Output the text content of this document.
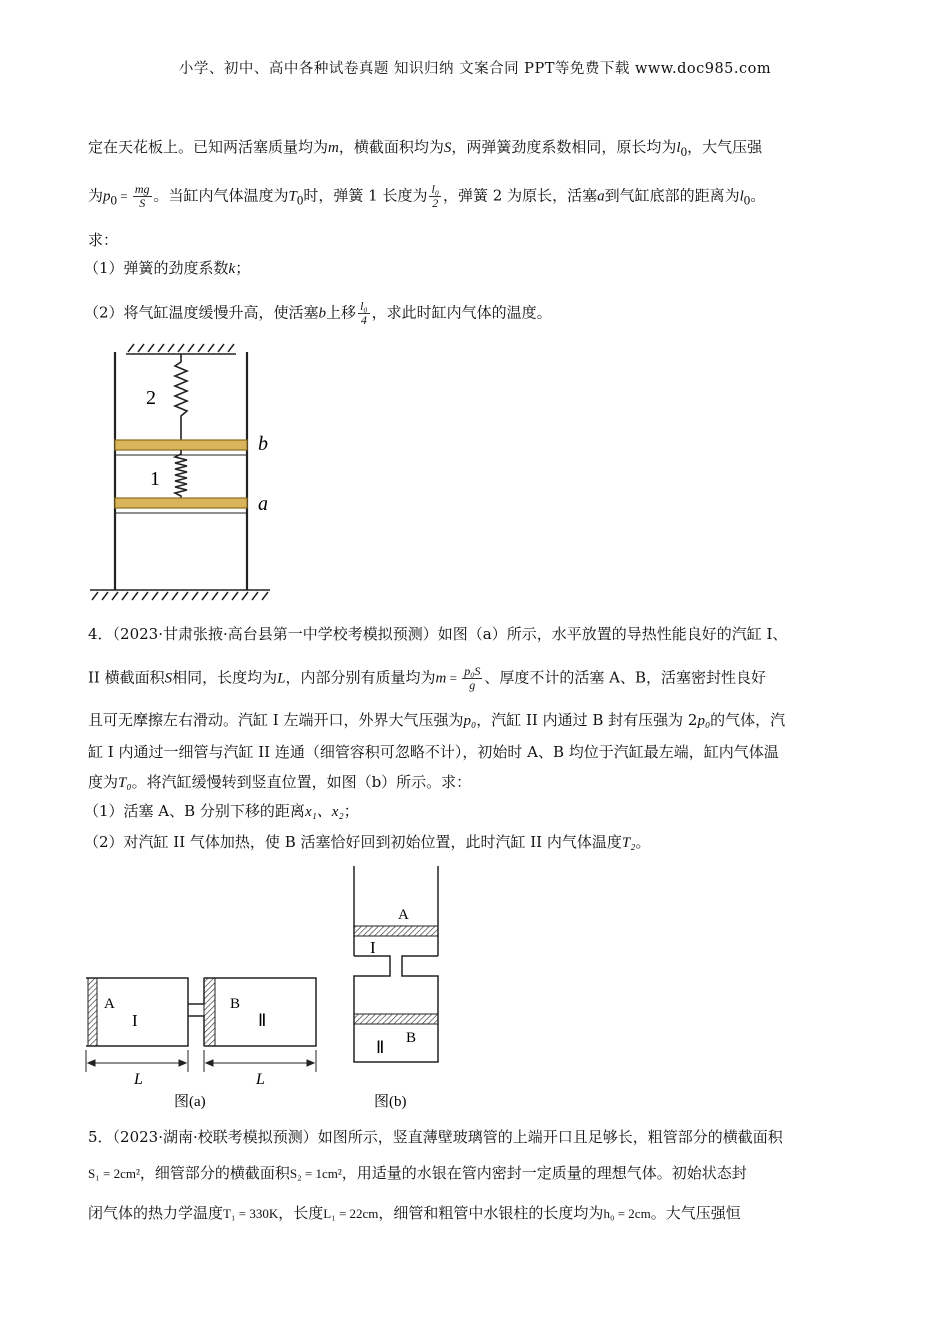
小学、初中、高中各种试卷真题 知识归纳 文案合同 PPT等免费下载 www.doc985.com
定在天花板上。已知两活塞质量均为m，横截面积均为S，两弹簧劲度系数相同，原长均为$l_0$，大气压强
为$p_0 = \frac{mg}{S}$ 。当缸内气体温度为$T_0$时，弹簧 1 长度为 $\frac{\text{l₀}}{2}$ ，弹簧 2 为原长，活塞a到气缸底部的距离为$l_0$。
求：
（1）弹簧的劲度系数k；
（2）将气缸温度缓慢升高，使活塞b上移 $\frac{\text{l₀}}{4}$ ，求此时缸内气体的温度。
2
1
b
a
4．（2023·甘肃张掖·高台县第一中学校考模拟预测）如图（a）所示，水平放置的导热性能良好的汽缸 I、
II 横截面积S相同，长度均为L，内部分别有质量均为$m = \frac{\text{p₀S}}{g}$ 、厚度不计的活塞 A、B，活塞密封性良好
且可无摩擦左右滑动。汽缸 I 左端开口，外界大气压强为p₀，汽缸 II 内通过 B 封有压强为 2p₀的气体，汽
缸 I 内通过一细管与汽缸 II 连通（细管容积可忽略不计），初始时 A、B 均位于汽缸最左端，缸内气体温
度为T₀。将汽缸缓慢转到竖直位置，如图（b）所示。求：
（1）活塞 A、B 分别下移的距离x₁、x₂；
（2）对汽缸 II 气体加热，使 B 活塞恰好回到初始位置，此时汽缸 II 内气体温度T₂。
A
I
B
Ⅱ
L	L
图(a)
A
I
B
Ⅱ
图(b)
5．（2023·湖南·校联考模拟预测）如图所示，竖直薄壁玻璃管的上端开口且足够长，粗管部分的横截面积
S₁ = 2cm²，细管部分的横截面积S₂ = 1cm²，用适量的水银在管内密封一定质量的理想气体。初始状态封
闭气体的热力学温度T₁ = 330K，长度L₁ = 22cm，细管和粗管中水银柱的长度均为h₀ = 2cm。大气压强恒
